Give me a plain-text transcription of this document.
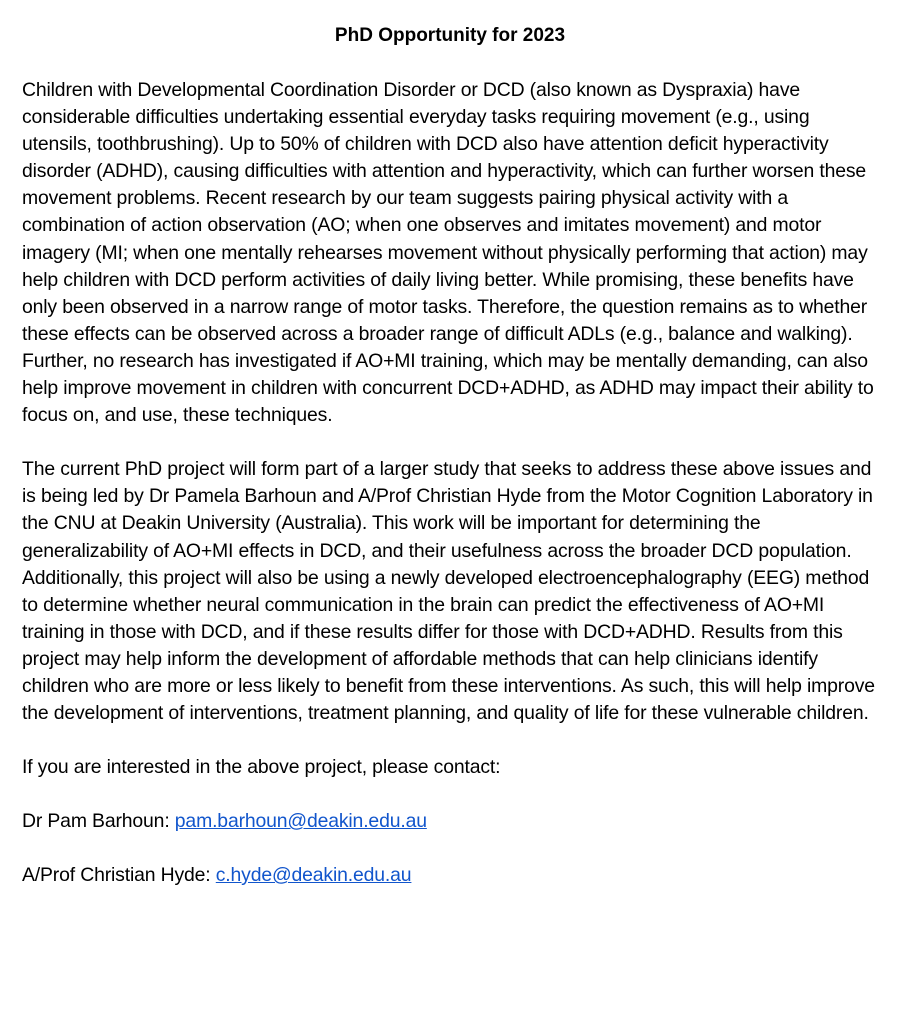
PhD Opportunity for 2023

Children with Developmental Coordination Disorder or DCD (also known as Dyspraxia) have considerable difficulties undertaking essential everyday tasks requiring movement (e.g., using utensils, toothbrushing). Up to 50% of children with DCD also have attention deficit hyperactivity disorder (ADHD), causing difficulties with attention and hyperactivity, which can further worsen these movement problems. Recent research by our team suggests pairing physical activity with a combination of action observation (AO; when one observes and imitates movement) and motor imagery (MI; when one mentally rehearses movement without physically performing that action) may help children with DCD perform activities of daily living better. While promising, these benefits have only been observed in a narrow range of motor tasks. Therefore, the question remains as to whether these effects can be observed across a broader range of difficult ADLs (e.g., balance and walking). Further, no research has investigated if AO+MI training, which may be mentally demanding, can also help improve movement in children with concurrent DCD+ADHD, as ADHD may impact their ability to focus on, and use, these techniques.

The current PhD project will form part of a larger study that seeks to address these above issues and is being led by Dr Pamela Barhoun and A/Prof Christian Hyde from the Motor Cognition Laboratory in the CNU at Deakin University (Australia). This work will be important for determining the generalizability of AO+MI effects in DCD, and their usefulness across the broader DCD population. Additionally, this project will also be using a newly developed electroencephalography (EEG) method to determine whether neural communication in the brain can predict the effectiveness of AO+MI training in those with DCD, and if these results differ for those with DCD+ADHD. Results from this project may help inform the development of affordable methods that can help clinicians identify children who are more or less likely to benefit from these interventions. As such, this will help improve the development of interventions, treatment planning, and quality of life for these vulnerable children.

If you are interested in the above project, please contact:

Dr Pam Barhoun: pam.barhoun@deakin.edu.au

A/Prof Christian Hyde: c.hyde@deakin.edu.au
